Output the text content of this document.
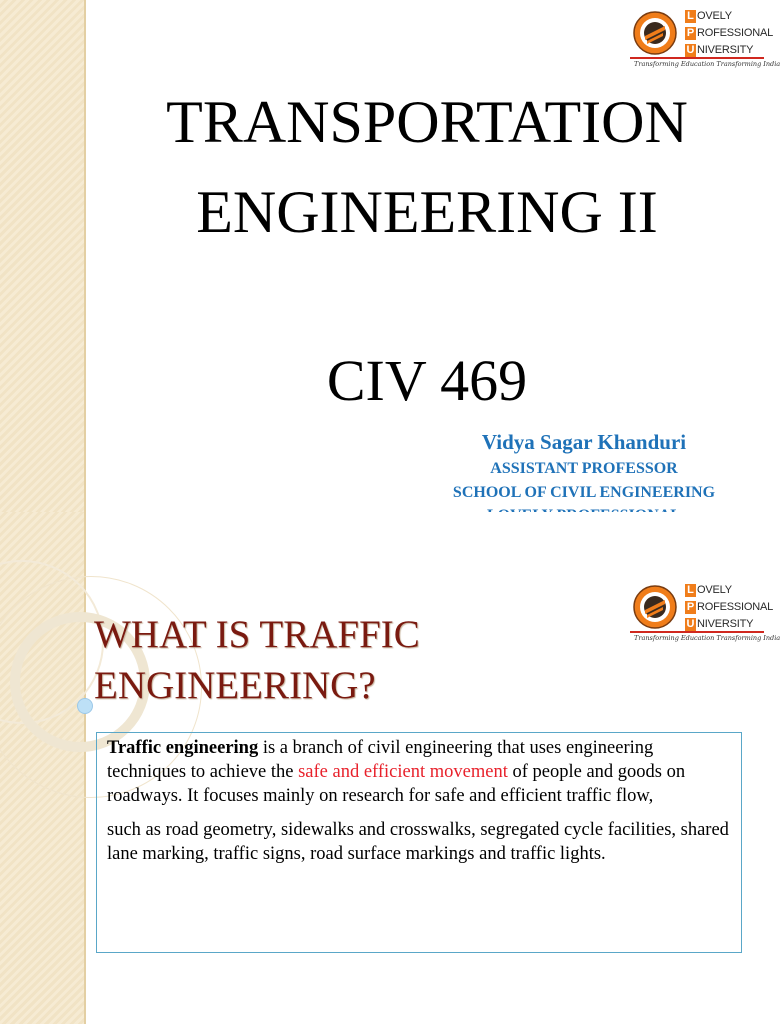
L OVELY
P ROFESSIONAL
U NIVERSITY
Transforming Education Transforming India
TRANSPORTATION
ENGINEERING II
CIV 469
Vidya Sagar Khanduri
ASSISTANT PROFESSOR
SCHOOL OF CIVIL ENGINEERING
L OVELY
P ROFESSIONAL
U NIVERSITY
Transforming Education Transforming India
WHAT IS TRAFFIC
ENGINEERING?

Traffic engineering is a branch of civil engineering that uses engineering techniques to achieve the safe and efficient movement of people and goods on roadways. It focuses mainly on research for safe and efficient traffic flow,

such as road geometry, sidewalks and crosswalks, segregated cycle facilities, shared lane marking, traffic signs, road surface markings and traffic lights.
